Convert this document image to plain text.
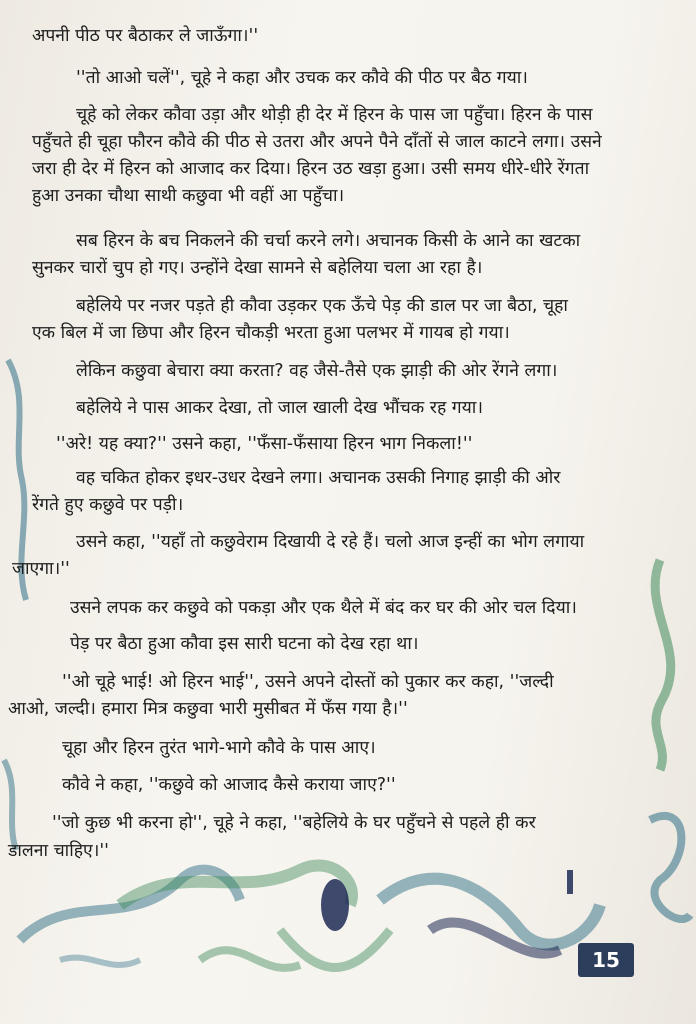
अपनी पीठ पर बैठाकर ले जाऊँगा।''

''तो आओ चलें'', चूहे ने कहा और उचक कर कौवे की पीठ पर बैठ गया।

चूहे को लेकर कौवा उड़ा और थोड़ी ही देर में हिरन के पास जा पहुँचा। हिरन के पास

पहुँचते ही चूहा फौरन कौवे की पीठ से उतरा और अपने पैने दाँतों से जाल काटने लगा। उसने

जरा ही देर में हिरन को आजाद कर दिया। हिरन उठ खड़ा हुआ। उसी समय धीरे-धीरे रेंगता

हुआ उनका चौथा साथी कछुवा भी वहीं आ पहुँचा।

सब हिरन के बच निकलने की चर्चा करने लगे। अचानक किसी के आने का खटका

सुनकर चारों चुप हो गए। उन्होंने देखा सामने से बहेलिया चला आ रहा है।

बहेलिये पर नजर पड़ते ही कौवा उड़कर एक ऊँचे पेड़ की डाल पर जा बैठा, चूहा

एक बिल में जा छिपा और हिरन चौकड़ी भरता हुआ पलभर में गायब हो गया।

लेकिन कछुवा बेचारा क्या करता? वह जैसे-तैसे एक झाड़ी की ओर रेंगने लगा।

बहेलिये ने पास आकर देखा, तो जाल खाली देख भौंचक रह गया।

''अरे! यह क्या?'' उसने कहा, ''फँसा-फँसाया हिरन भाग निकला!''

वह चकित होकर इधर-उधर देखने लगा। अचानक उसकी निगाह झाड़ी की ओर

रेंगते हुए कछुवे पर पड़ी।

उसने कहा, ''यहाँ तो कछुवेराम दिखायी दे रहे हैं। चलो आज इन्हीं का भोग लगाया

जाएगा।''

उसने लपक कर कछुवे को पकड़ा और एक थैले में बंद कर घर की ओर चल दिया।

पेड़ पर बैठा हुआ कौवा इस सारी घटना को देख रहा था।

''ओ चूहे भाई! ओ हिरन भाई'', उसने अपने दोस्तों को पुकार कर कहा, ''जल्दी

आओ, जल्दी। हमारा मित्र कछुवा भारी मुसीबत में फँस गया है।''

चूहा और हिरन तुरंत भागे-भागे कौवे के पास आए।

कौवे ने कहा, ''कछुवे को आजाद कैसे कराया जाए?''

''जो कुछ भी करना हो'', चूहे ने कहा, ''बहेलिये के घर पहुँचने से पहले ही कर

डालना चाहिए।''

15
